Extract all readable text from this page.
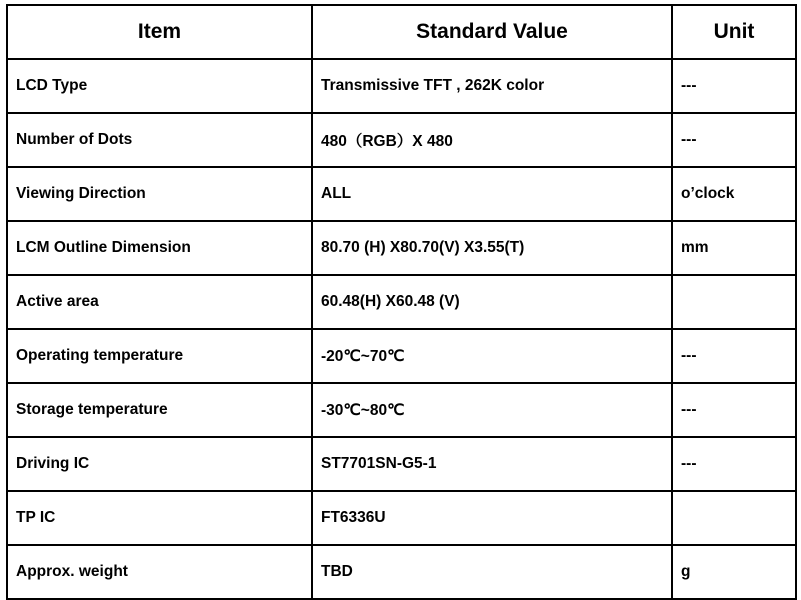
Item	Standard Value	Unit
LCD Type	Transmissive TFT , 262K color	---
Number of Dots	480（RGB）X 480	---
Viewing Direction	ALL	o’clock
LCM Outline Dimension	80.70 (H) X80.70(V) X3.55(T)	mm
Active area	60.48(H) X60.48 (V)	
Operating temperature	-20℃~70℃	---
Storage temperature	-30℃~80℃	---
Driving IC	ST7701SN-G5-1	---
TP IC	FT6336U	
Approx. weight	TBD	g
